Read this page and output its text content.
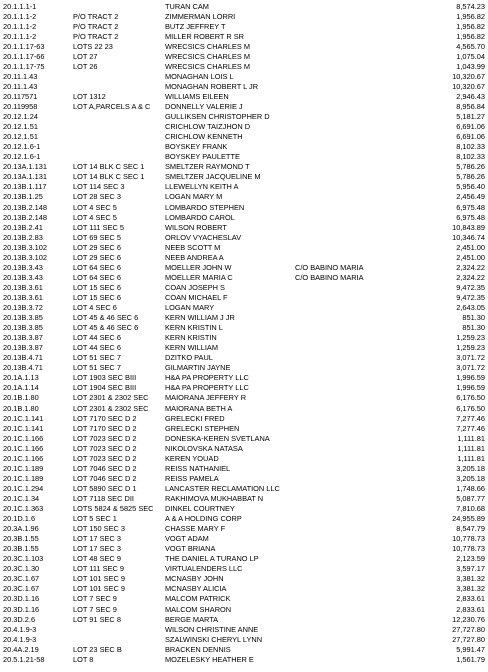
20.1.1.1-1	TURAN CAM	8,574.23
20.1.1.1-2	P/O TRACT 2	ZIMMERMAN LORRI	1,956.82
20.1.1.1-2	P/O TRACT 2	BUTZ JEFFREY T	1,956.82
20.1.1.1-2	P/O TRACT 2	MILLER ROBERT R SR	1,956.82
20.1.1.17-63	LOTS 22 23	WRECSICS CHARLES M	4,565.70
20.1.1.17-66	LOT 27	WRECSICS CHARLES M	1,075.04
20.1.1.17-75	LOT 26	WRECSICS CHARLES M	1,043.99
20.11.1.43	MONAGHAN LOIS L	10,320.67
20.11.1.43	MONAGHAN ROBERT L JR	10,320.67
20.117571	LOT 1312	WILLIAMS EILEEN	2,946.43
20.119958	LOT A,PARCELS A & C	DONNELLY VALERIE J	8,956.84
20.12.1.24	GULLIKSEN CHRISTOPHER D	5,181.27
20.12.1.51	CRICHLOW TAIZJHON D	6,691.06
20.12.1.51	CRICHLOW KENNETH	6,691.06
20.12.1.6-1	BOYSKEY FRANK	8,102.33
20.12.1.6-1	BOYSKEY PAULETTE	8,102.33
20.13A.1.131	LOT 14 BLK C SEC 1	SMELTZER RAYMOND T	5,786.26
20.13A.1.131	LOT 14 BLK C SEC 1	SMELTZER JACQUELINE M	5,786.26
20.13B.1.117	LOT 114 SEC 3	LLEWELLYN KEITH A	5,956.40
20.13B.1.25	LOT 28 SEC 3	LOGAN MARY M	2,456.49
20.13B.2.148	LOT 4 SEC 5	LOMBARDO STEPHEN	6,975.48
20.13B.2.148	LOT 4 SEC 5	LOMBARDO CAROL	6,975.48
20.13B.2.41	LOT 111 SEC 5	WILSON ROBERT	10,843.89
20.13B.2.83	LOT 69 SEC 5	ORLOV VYACHESLAV	10,346.74
20.13B.3.102	LOT 29 SEC 6	NEEB SCOTT M	2,451.00
20.13B.3.102	LOT 29 SEC 6	NEEB ANDREA A	2,451.00
20.13B.3.43	LOT 64 SEC 6	MOELLER JOHN W	C/O BABINO MARIA	2,324.22
20.13B.3.43	LOT 64 SEC 6	MOELLER MARIA C	C/O BABINO MARIA	2,324.22
20.13B.3.61	LOT 15 SEC 6	COAN JOSEPH S	9,472.35
20.13B.3.61	LOT 15 SEC 6	COAN MICHAEL F	9,472.35
20.13B.3.72	LOT 4 SEC 6	LOGAN MARY	2,643.05
20.13B.3.85	LOT 45 & 46 SEC 6	KERN WILLIAM J JR	851.30
20.13B.3.85	LOT 45 & 46 SEC 6	KERN KRISTIN L	851.30
20.13B.3.87	LOT 44 SEC 6	KERN KRISTIN	1,259.23
20.13B.3.87	LOT 44 SEC 6	KERN WILLIAM	1,259.23
20.13B.4.71	LOT 51 SEC 7	DZITKO PAUL	3,071.72
20.13B.4.71	LOT 51 SEC 7	GILMARTIN JAYNE	3,071.72
20.1A.1.13	LOT 1903 SEC BIII	H&A PA PROPERTY LLC	1,996.59
20.1A.1.14	LOT 1904 SEC BIII	H&A PA PROPERTY LLC	1,996.59
20.1B.1.80	LOT 2301 & 2302 SEC	MAIORANA JEFFERY R	6,176.50
20.1B.1.80	LOT 2301 & 2302 SEC	MAIORANA BETH A	6,176.50
20.1C.1.141	LOT 7170 SEC D 2	GRELECKI FRED	7,277.46
20.1C.1.141	LOT 7170 SEC D 2	GRELECKI STEPHEN	7,277.46
20.1C.1.166	LOT 7023 SEC D 2	DONESKA-KEREN SVETLANA	1,111.81
20.1C.1.166	LOT 7023 SEC D 2	NIKOLOVSKA NATASA	1,111.81
20.1C.1.166	LOT 7023 SEC D 2	KEREN YOUAD	1,111.81
20.1C.1.189	LOT 7046 SEC D 2	REISS NATHANIEL	3,205.18
20.1C.1.189	LOT 7046 SEC D 2	REISS PAMELA	3,205.18
20.1C.1.294	LOT 5890 SEC D 1	LANCASTER RECLAMATION LLC	1,748.66
20.1C.1.34	LOT 7118 SEC DII	RAKHIMOVA MUKHABBAT N	5,087.77
20.1C.1.363	LOTS 5824 & 5825 SEC	DINKEL COURTNEY	7,810.68
20.1D.1.6	LOT 5 SEC 1	A & A HOLDING CORP	24,955.89
20.3A.1.96	LOT 150 SEC 3	CHASSE MARY F	8,547.79
20.3B.1.55	LOT 17 SEC 3	VOGT ADAM	10,778.73
20.3B.1.55	LOT 17 SEC 3	VOGT BRIANA	10,778.73
20.3C.1.103	LOT 48 SEC 9	THE DANIEL A TURANO LP	2,123.59
20.3C.1.30	LOT 111 SEC 9	VIRTUALENDERS LLC	3,597.17
20.3C.1.67	LOT 101 SEC 9	MCNASBY JOHN	3,381.32
20.3C.1.67	LOT 101 SEC 9	MCNASBY ALICIA	3,381.32
20.3D.1.16	LOT 7 SEC 9	MALCOM PATRICK	2,833.61
20.3D.1.16	LOT 7 SEC 9	MALCOM SHARON	2,833.61
20.3D.2.6	LOT 91 SEC 8	BERGE MARTA	12,230.76
20.4.1.9-3	WILSON CHRISTINE ANNE	27,727.80
20.4.1.9-3	SZALWINSKI CHERYL LYNN	27,727.80
20.4A.2.19	LOT 23 SEC B	BRACKEN DENNIS	5,991.47
20.5.1.21-58	LOT 8	MOZELESKY HEATHER E	1,561.79
